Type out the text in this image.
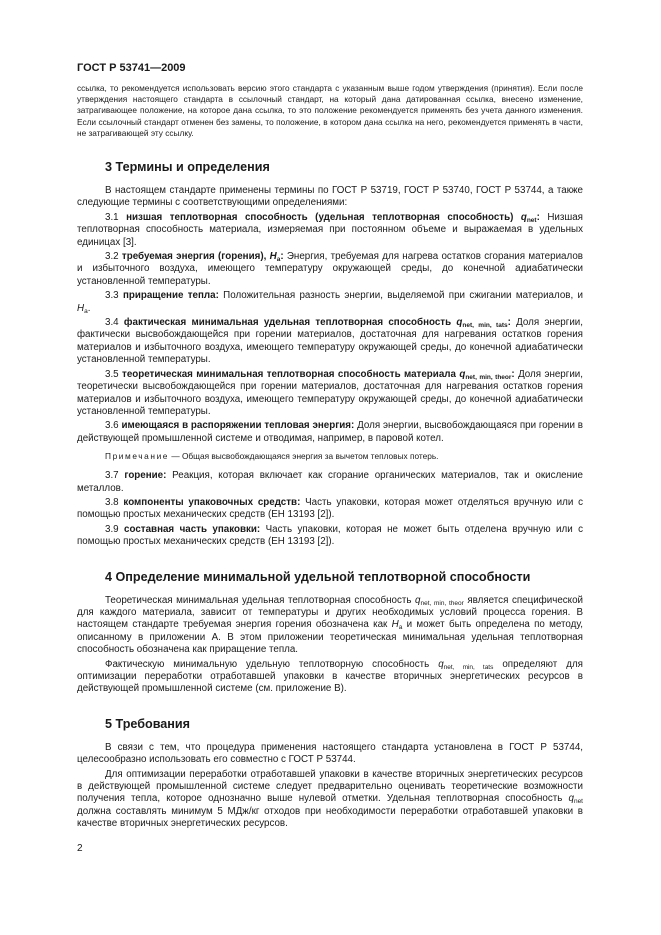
ГОСТ Р 53741—2009

ссылка, то рекомендуется использовать версию этого стандарта с указанным выше годом утверждения (принятия). Если после утверждения настоящего стандарта в ссылочный стандарт, на который дана датированная ссылка, внесено изменение, затрагивающее положение, на которое дана ссылка, то это положение рекомендуется применять без учета данного изменения. Если ссылочный стандарт отменен без замены, то положение, в котором дана ссылка на него, рекомендуется применять в части, не затрагивающей эту ссылку.

3 Термины и определения

В настоящем стандарте применены термины по ГОСТ Р 53719, ГОСТ Р 53740, ГОСТ Р 53744, а также следующие термины с соответствующими определениями:

3.1 низшая теплотворная способность (удельная теплотворная способность) $q_{net}$: Низшая теплотворная способность материала, измеряемая при постоянном объеме и выражаемая в удельных единицах [3].

3.2 требуемая энергия (горения), $H_a$: Энергия, требуемая для нагрева остатков сгорания материалов и избыточного воздуха, имеющего температуру окружающей среды, до конечной адиабатически установленной температуры.

3.3 приращение тепла: Положительная разность энергии, выделяемой при сжигании материалов, и $H_a$.

3.4 фактическая минимальная удельная теплотворная способность $q_{net, min, tats}$: Доля энергии, фактически высвобождающейся при горении материалов, достаточная для нагревания остатков горения материалов и избыточного воздуха, имеющего температуру окружающей среды, до конечной адиабатически установленной температуры.

3.5 теоретическая минимальная теплотворная способность материала $q_{net, min, theor}$: Доля энергии, теоретически высвобождающейся при горении материалов, достаточная для нагревания остатков горения материалов и избыточного воздуха, имеющего температуру окружающей среды, до конечной адиабатически установленной температуры.

3.6 имеющаяся в распоряжении тепловая энергия: Доля энергии, высвобождающаяся при горении в действующей промышленной системе и отводимая, например, в паровой котел.

Примечание — Общая высвобождающаяся энергия за вычетом тепловых потерь.

3.7 горение: Реакция, которая включает как сгорание органических материалов, так и окисление металлов.

3.8 компоненты упаковочных средств: Часть упаковки, которая может отделяться вручную или с помощью простых механических средств (ЕН 13193 [2]).

3.9 составная часть упаковки: Часть упаковки, которая не может быть отделена вручную или с помощью простых механических средств (ЕН 13193 [2]).

4 Определение минимальной удельной теплотворной способности

Теоретическая минимальная удельная теплотворная способность $q_{net, min, theor}$ является специфической для каждого материала, зависит от температуры и других необходимых условий процесса горения. В настоящем стандарте требуемая энергия горения обозначена как $H_a$ и может быть определена по методу, описанному в приложении А. В этом приложении теоретическая минимальная удельная теплотворная способность обозначена как приращение тепла.

Фактическую минимальную удельную теплотворную способность $q_{net, min, tats}$ определяют для оптимизации переработки отработавшей упаковки в качестве вторичных энергетических ресурсов в действующей промышленной системе (см. приложение В).

5 Требования

В связи с тем, что процедура применения настоящего стандарта установлена в ГОСТ Р 53744, целесообразно использовать его совместно с ГОСТ Р 53744.

Для оптимизации переработки отработавшей упаковки в качестве вторичных энергетических ресурсов в действующей промышленной системе следует предварительно оценивать теоретические возможности получения тепла, которое однозначно выше нулевой отметки. Удельная теплотворная способность $q_{net}$ должна составлять минимум 5 МДж/кг отходов при необходимости переработки отработавшей упаковки в качестве вторичных энергетических ресурсов.

2
